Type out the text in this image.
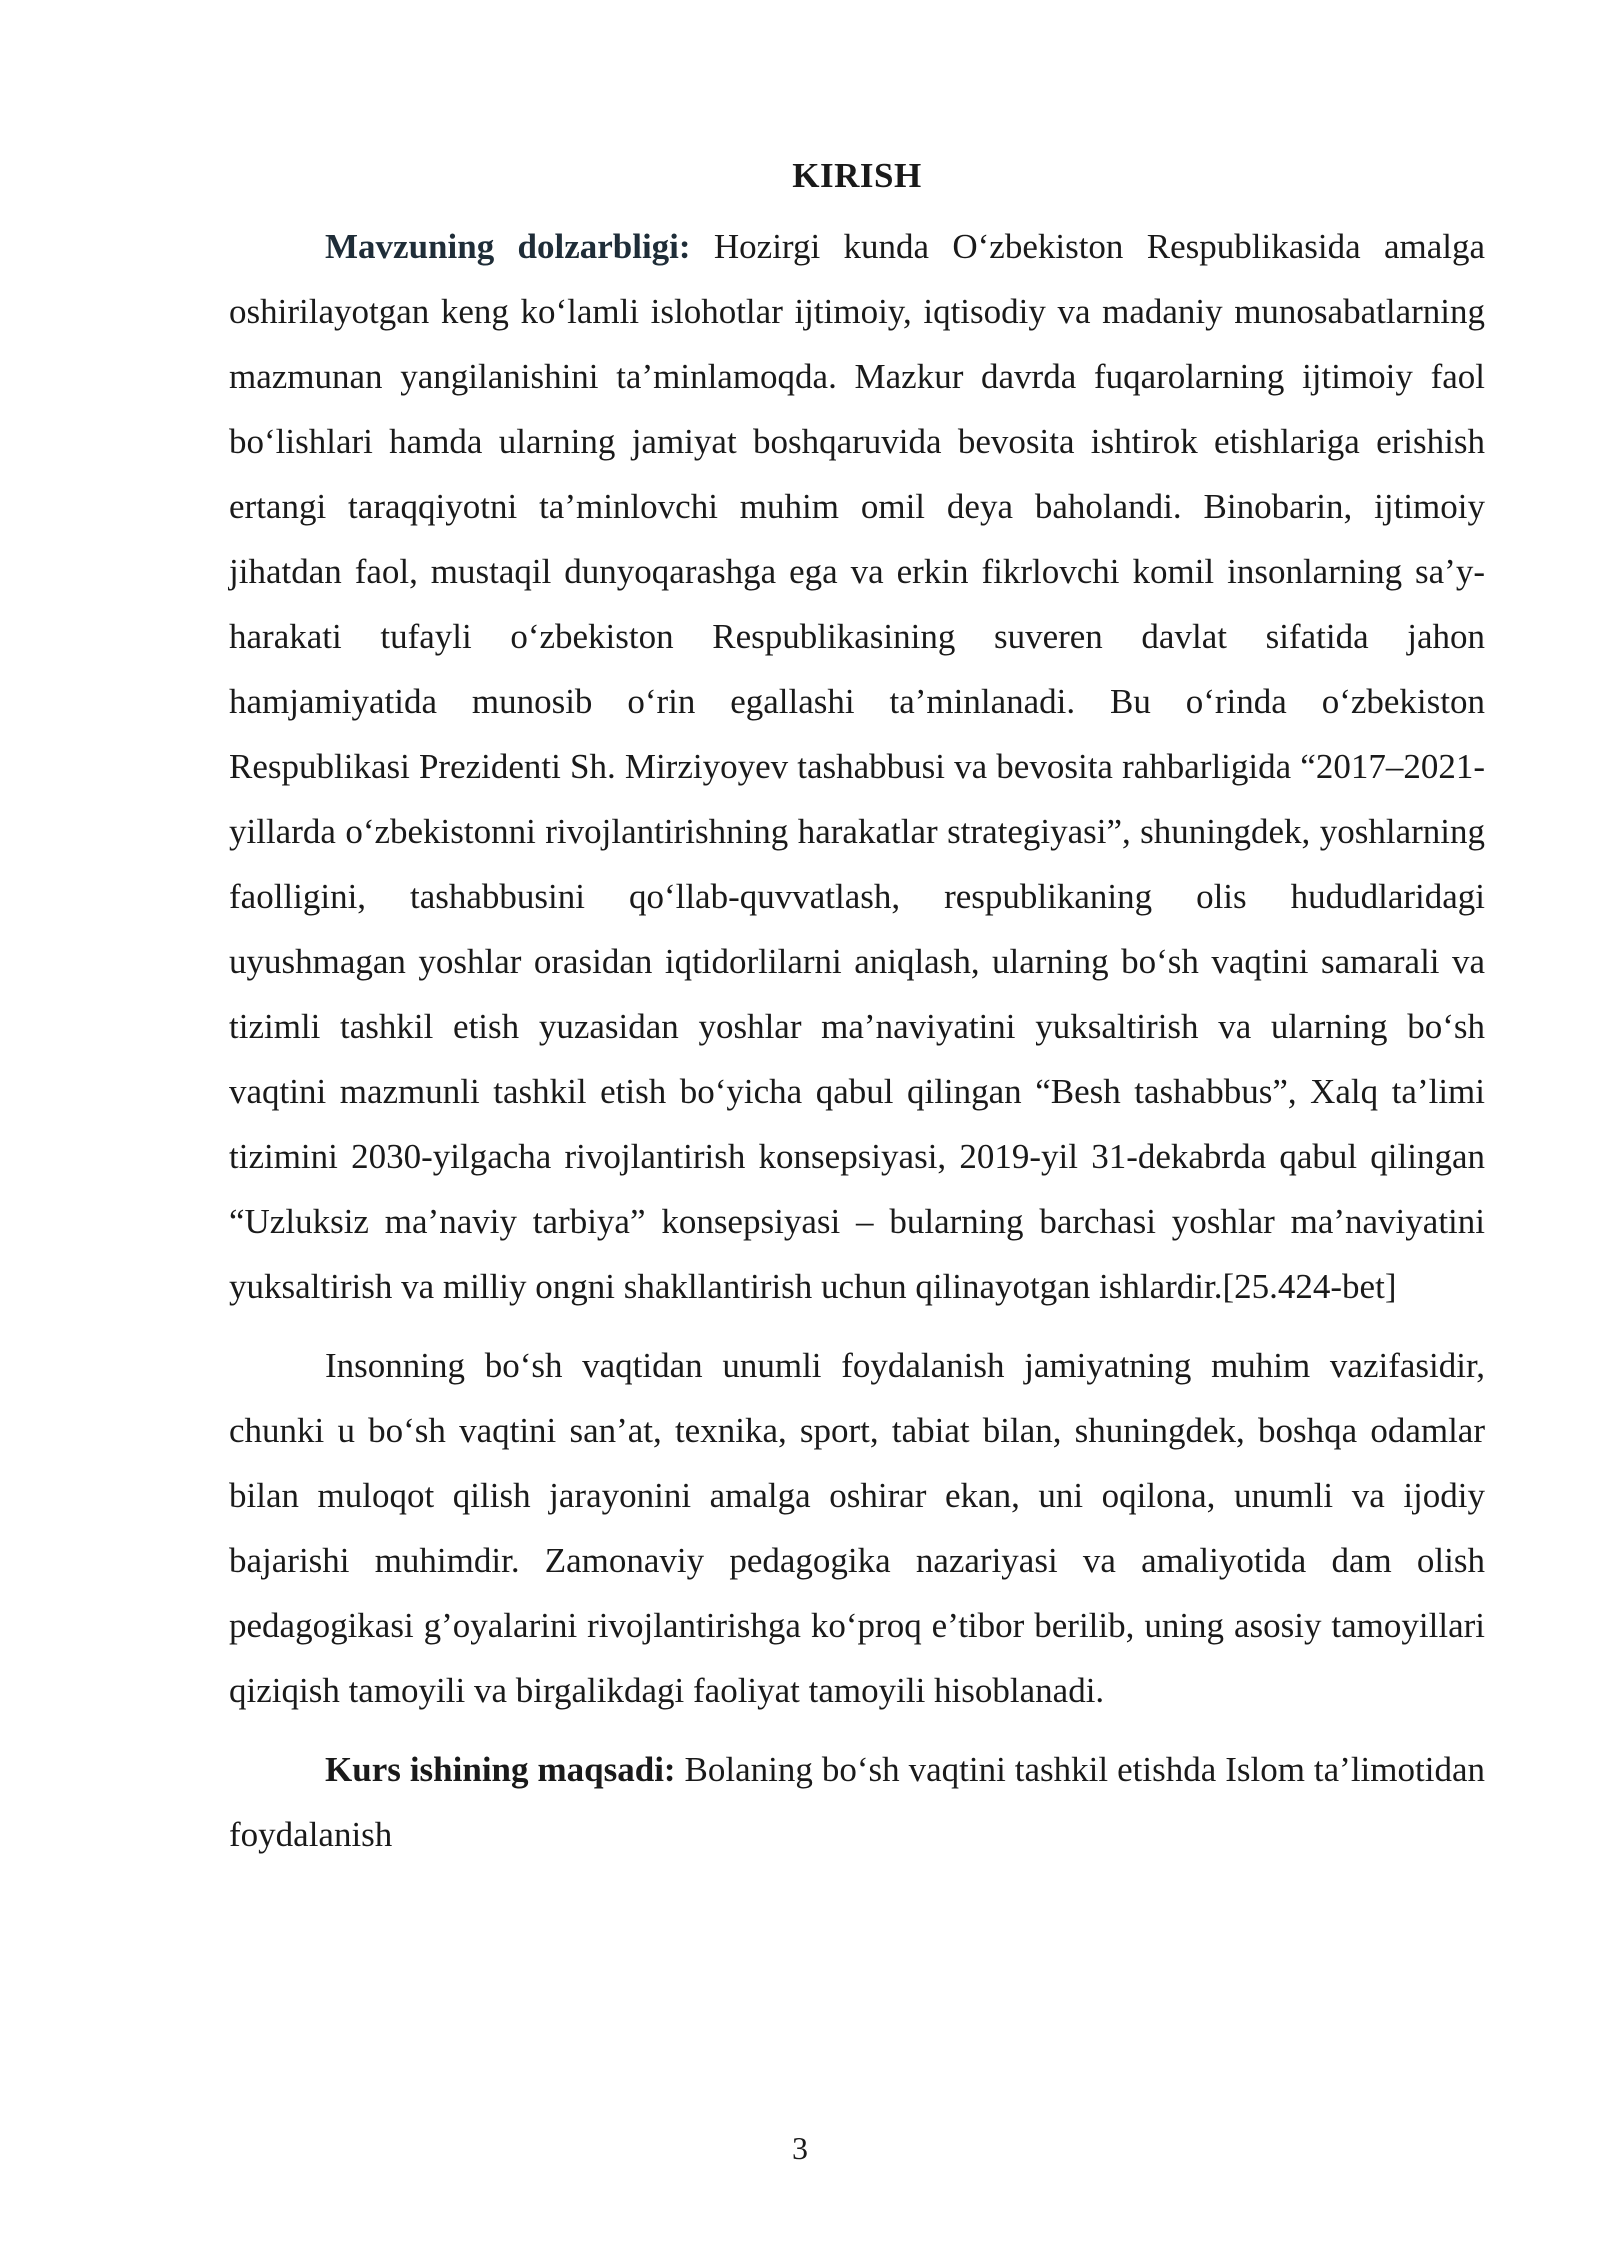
KIRISH

Mavzuning dolzarbligi: Hozirgi kunda O‘zbekiston Respublikasida amalga oshirilayotgan keng ko‘lamli islohotlar ijtimoiy, iqtisodiy va madaniy munosabatlarning mazmunan yangilanishini ta’minlamoqda. Mazkur davrda fuqarolarning ijtimoiy faol bo‘lishlari hamda ularning jamiyat boshqaruvida bevosita ishtirok etishlariga erishish ertangi taraqqiyotni ta’minlovchi muhim omil deya baholandi. Binobarin, ijtimoiy jihatdan faol, mustaqil dunyoqarashga ega va erkin fikrlovchi komil insonlarning sa’y-harakati tufayli o‘zbekiston Respublikasining suveren davlat sifatida jahon hamjamiyatida munosib o‘rin egallashi ta’minlanadi. Bu o‘rinda o‘zbekiston Respublikasi Prezidenti Sh. Mirziyoyev tashabbusi va bevosita rahbarligida “2017–2021-yillarda o‘zbekistonni rivojlantirishning harakatlar strategiyasi”, shuningdek, yoshlarning faolligini, tashabbusini qo‘llab-quvvatlash, respublikaning olis hududlaridagi uyushmagan yoshlar orasidan iqtidorlilarni aniqlash, ularning bo‘sh vaqtini samarali va tizimli tashkil etish yuzasidan yoshlar ma’naviyatini yuksaltirish va ularning bo‘sh vaqtini mazmunli tashkil etish bo‘yicha qabul qilingan “Besh tashabbus”, Xalq ta’limi tizimini 2030-yilgacha rivojlantirish konsepsiyasi, 2019-yil 31-dekabrda qabul qilingan “Uzluksiz ma’naviy tarbiya” konsepsiyasi – bularning barchasi yoshlar ma’naviyatini yuksaltirish va milliy ongni shakllantirish uchun qilinayotgan ishlardir.[25.424-bet]

Insonning bo‘sh vaqtidan unumli foydalanish jamiyatning muhim vazifasidir, chunki u bo‘sh vaqtini san’at, texnika, sport, tabiat bilan, shuningdek, boshqa odamlar bilan muloqot qilish jarayonini amalga oshirar ekan, uni oqilona, unumli va ijodiy bajarishi muhimdir. Zamonaviy pedagogika nazariyasi va amaliyotida dam olish pedagogikasi g’oyalarini rivojlantirishga ko‘proq e’tibor berilib, uning asosiy tamoyillari qiziqish tamoyili va birgalikdagi faoliyat tamoyili hisoblanadi.

Kurs ishining maqsadi: Bolaning bo‘sh vaqtini tashkil etishda Islom ta’limotidan foydalanish

3
